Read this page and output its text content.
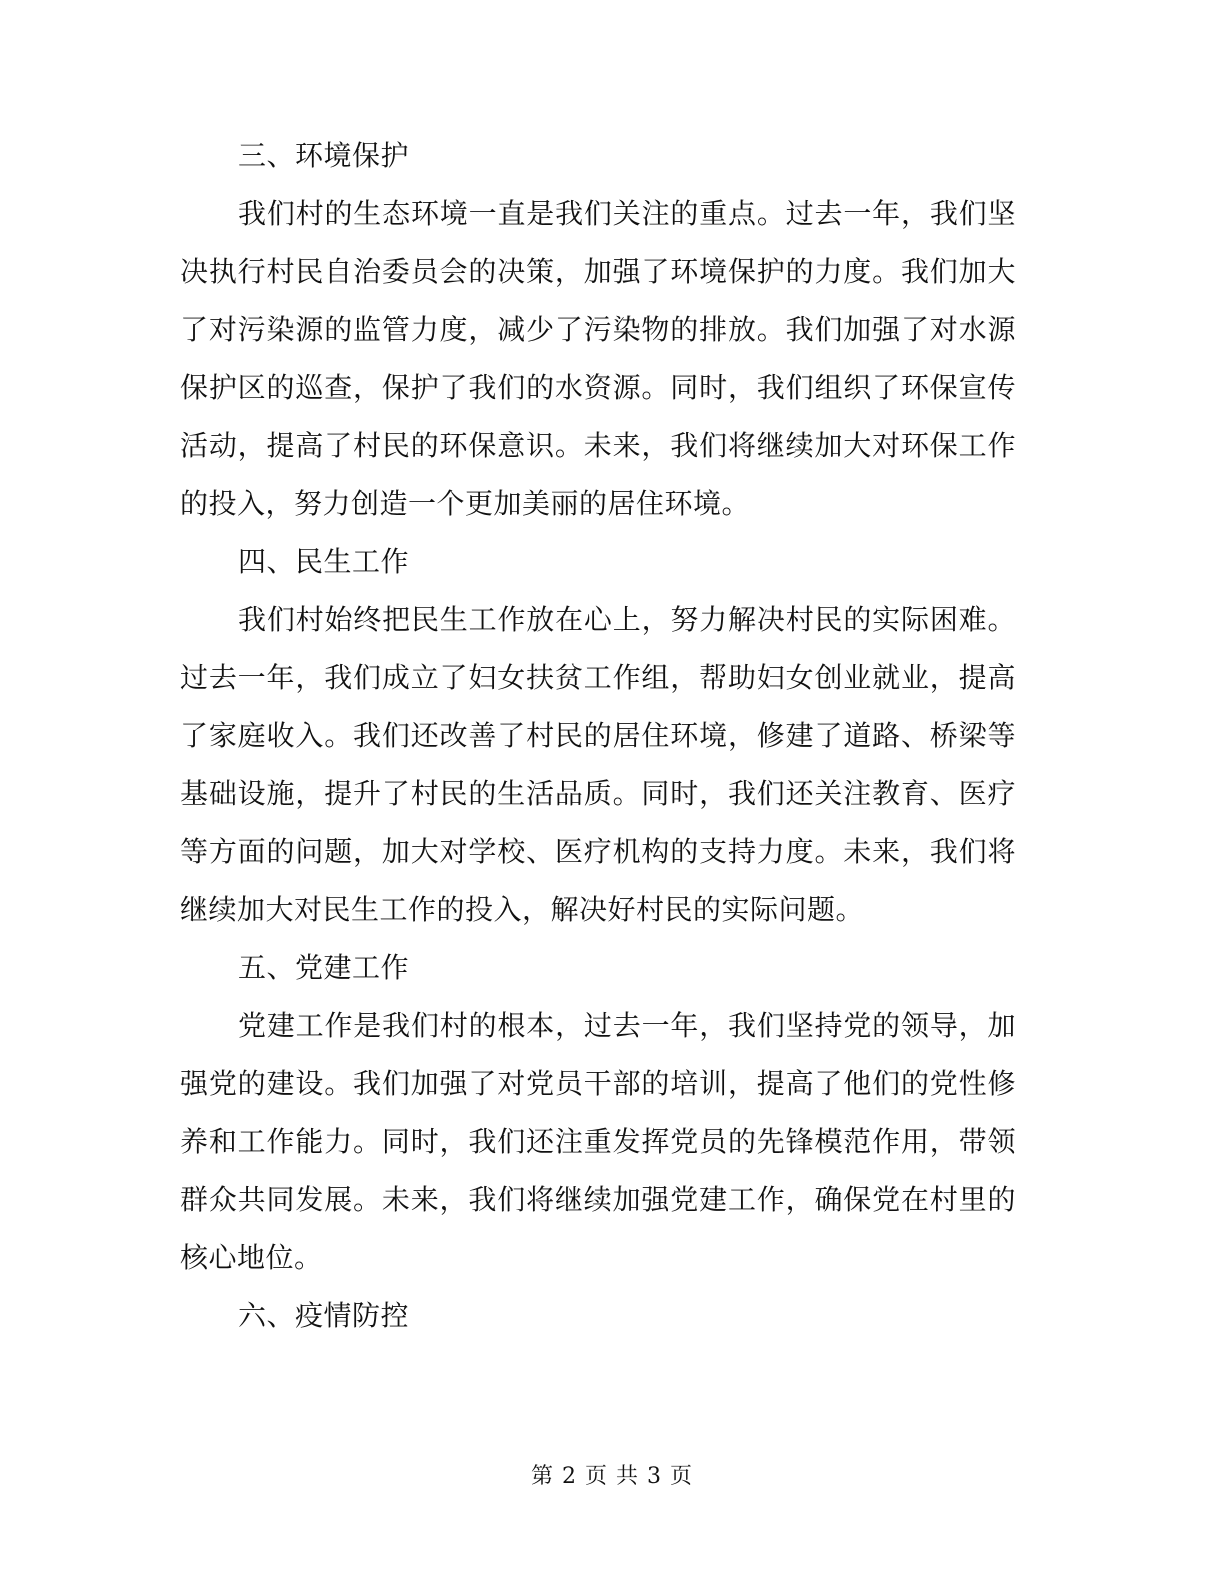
三、环境保护

我们村的生态环境一直是我们关注的重点。过去一年，我们坚决执行村民自治委员会的决策，加强了环境保护的力度。我们加大了对污染源的监管力度，减少了污染物的排放。我们加强了对水源保护区的巡查，保护了我们的水资源。同时，我们组织了环保宣传活动，提高了村民的环保意识。未来，我们将继续加大对环保工作的投入，努力创造一个更加美丽的居住环境。

四、民生工作

我们村始终把民生工作放在心上，努力解决村民的实际困难。过去一年，我们成立了妇女扶贫工作组，帮助妇女创业就业，提高了家庭收入。我们还改善了村民的居住环境，修建了道路、桥梁等基础设施，提升了村民的生活品质。同时，我们还关注教育、医疗等方面的问题，加大对学校、医疗机构的支持力度。未来，我们将继续加大对民生工作的投入，解决好村民的实际问题。

五、党建工作

党建工作是我们村的根本，过去一年，我们坚持党的领导，加强党的建设。我们加强了对党员干部的培训，提高了他们的党性修养和工作能力。同时，我们还注重发挥党员的先锋模范作用，带领群众共同发展。未来，我们将继续加强党建工作，确保党在村里的核心地位。

六、疫情防控

第 2 页 共 3 页
